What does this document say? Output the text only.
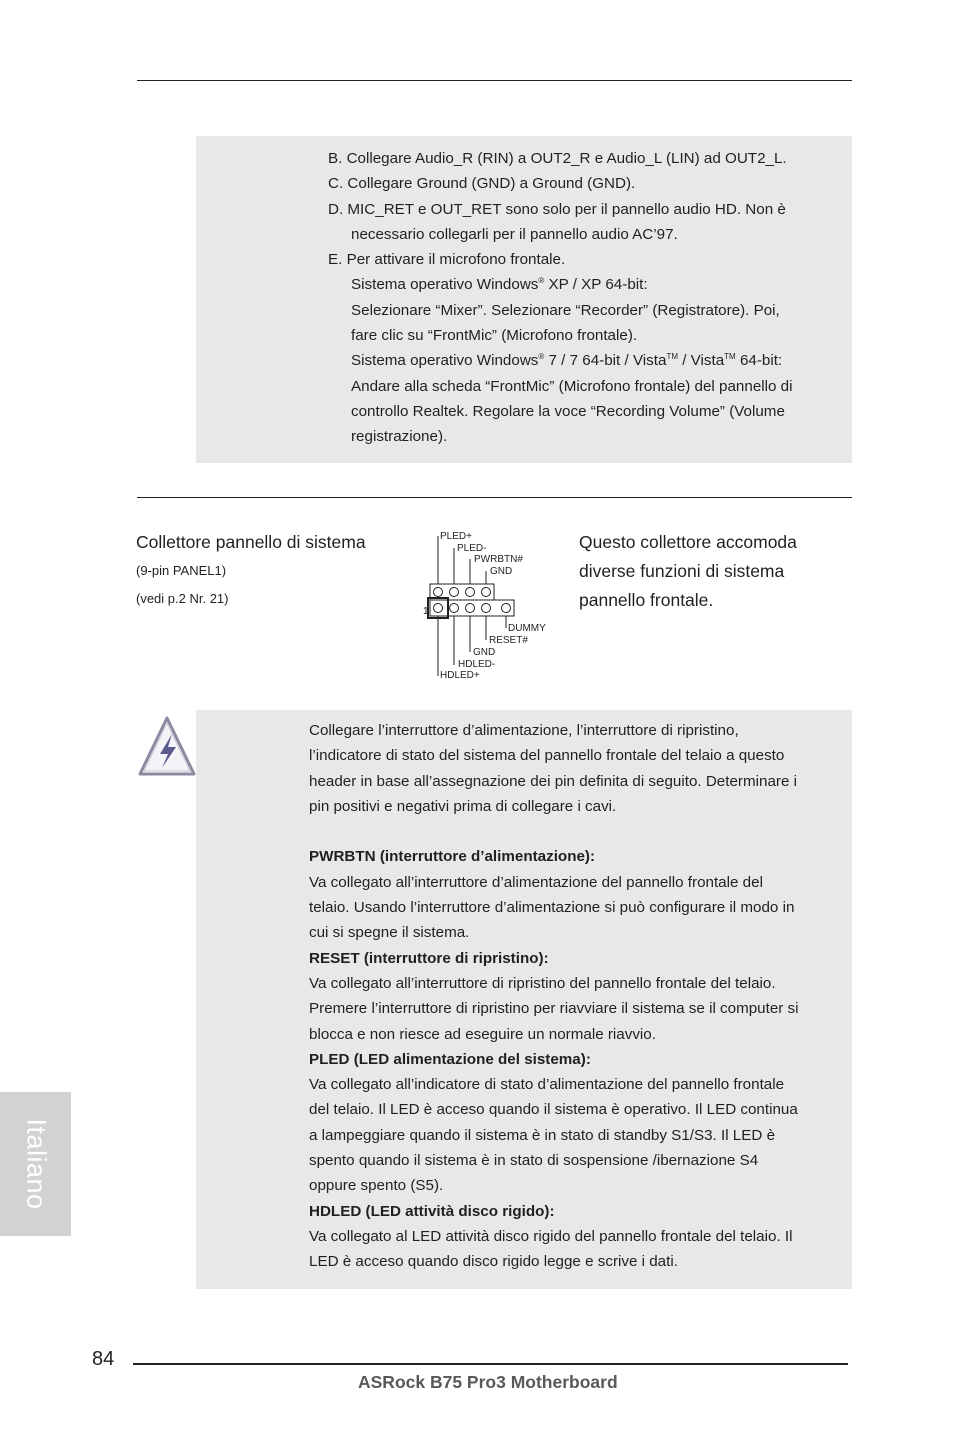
B. Collegare Audio_R (RIN) a OUT2_R e Audio_L (LIN) ad OUT2_L.

C. Collegare Ground (GND) a Ground (GND).

D. MIC_RET e OUT_RET sono solo per il pannello audio HD. Non è
necessario collegarli per il pannello audio AC’97.

E. Per attivare il microfono frontale.

Sistema operativo Windows® XP / XP 64-bit:
Selezionare “Mixer”. Selezionare “Recorder” (Registratore). Poi,
fare clic su “FrontMic” (Microfono frontale).

Sistema operativo Windows® 7 / 7 64-bit / Vista™ / Vista™ 64-bit:
Andare alla scheda “FrontMic” (Microfono frontale) del pannello di
controllo Realtek. Regolare la voce “Recording Volume” (Volume
registrazione).

Collettore pannello di sistema
(9-pin PANEL1)
(vedi p.2 Nr. 21)
Questo collettore accomoda
diverse funzioni di sistema
pannello frontale.
PLED+
PLED-
PWRBTN#
GND
1
DUMMY
RESET#
GND
HDLED-
HDLED+

Collegare l’interruttore d’alimentazione, l’interruttore di ripristino,
l’indicatore di stato del sistema del pannello frontale del telaio a questo
header in base all’assegnazione dei pin definita di seguito. Determinare i
pin positivi e negativi prima di collegare i cavi.

PWRBTN (interruttore d’alimentazione):

Va collegato all’interruttore d’alimentazione del pannello frontale del
telaio. Usando l’interruttore d’alimentazione si può configurare il modo in
cui si spegne il sistema.

RESET (interruttore di ripristino):

Va collegato all’interruttore di ripristino del pannello frontale del telaio.
Premere l’interruttore di ripristino per riavviare il sistema se il computer si
blocca e non riesce ad eseguire un normale riavvio.

PLED (LED alimentazione del sistema):

Va collegato all’indicatore di stato d’alimentazione del pannello frontale
del telaio. Il LED è acceso quando il sistema è operativo. Il LED continua
a lampeggiare quando il sistema è in stato di standby S1/S3. Il LED è
spento quando il sistema è in stato di sospensione /ibernazione S4
oppure spento (S5).

HDLED (LED attività disco rigido):

Va collegato al LED attività disco rigido del pannello frontale del telaio. Il
LED è acceso quando disco rigido legge e scrive i dati.

Italiano
84
ASRock B75 Pro3 Motherboard
